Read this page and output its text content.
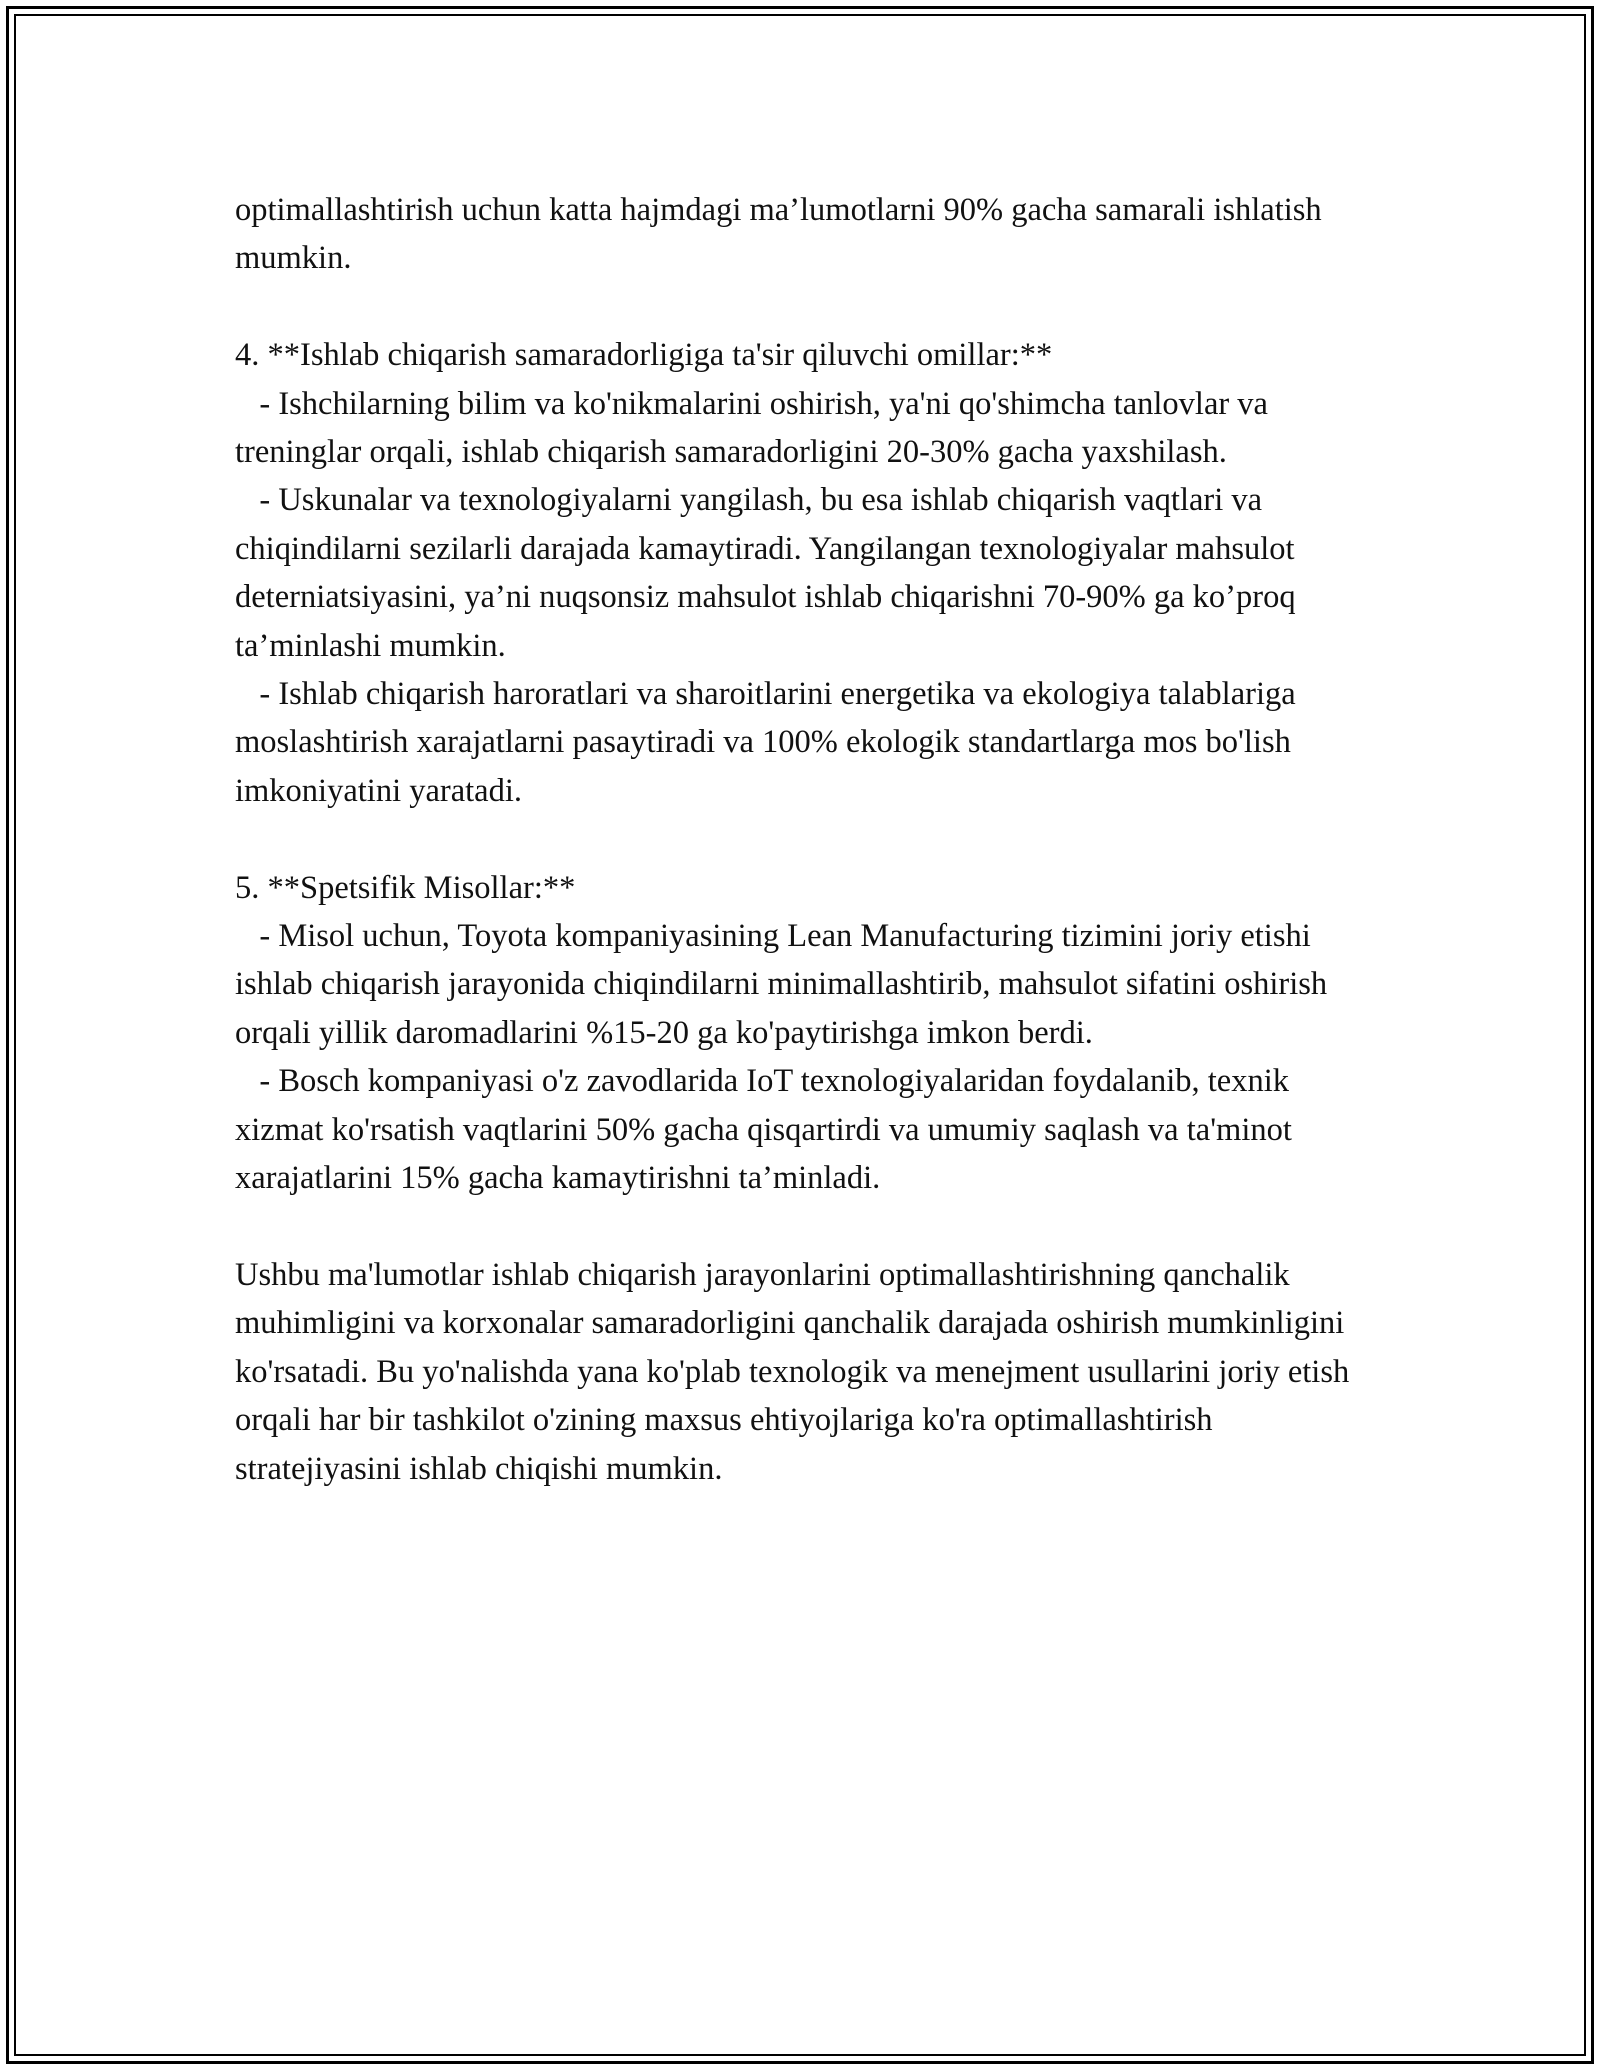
optimallashtirish uchun katta hajmdagi ma’lumotlarni 90% gacha samarali ishlatish mumkin.

4. **Ishlab chiqarish samaradorligiga ta'sir qiluvchi omillar:**

- Ishchilarning bilim va ko'nikmalarini oshirish, ya'ni qo'shimcha tanlovlar va treninglar orqali, ishlab chiqarish samaradorligini 20-30% gacha yaxshilash.

- Uskunalar va texnologiyalarni yangilash, bu esa ishlab chiqarish vaqtlari va chiqindilarni sezilarli darajada kamaytiradi. Yangilangan texnologiyalar mahsulot deterniatsiyasini, ya’ni nuqsonsiz mahsulot ishlab chiqarishni 70-90% ga ko’proq ta’minlashi mumkin.

- Ishlab chiqarish haroratlari va sharoitlarini energetika va ekologiya talablariga moslashtirish xarajatlarni pasaytiradi va 100% ekologik standartlarga mos bo'lish imkoniyatini yaratadi.

5. **Spetsifik Misollar:**

- Misol uchun, Toyota kompaniyasining Lean Manufacturing tizimini joriy etishi ishlab chiqarish jarayonida chiqindilarni minimallashtirib, mahsulot sifatini oshirish orqali yillik daromadlarini %15-20 ga ko'paytirishga imkon berdi.

- Bosch kompaniyasi o'z zavodlarida IoT texnologiyalaridan foydalanib, texnik xizmat ko'rsatish vaqtlarini 50% gacha qisqartirdi va umumiy saqlash va ta'minot xarajatlarini 15% gacha kamaytirishni ta’minladi.

Ushbu ma'lumotlar ishlab chiqarish jarayonlarini optimallashtirishning qanchalik muhimligini va korxonalar samaradorligini qanchalik darajada oshirish mumkinligini ko'rsatadi. Bu yo'nalishda yana ko'plab texnologik va menejment usullarini joriy etish orqali har bir tashkilot o'zining maxsus ehtiyojlariga ko'ra optimallashtirish stratejiyasini ishlab chiqishi mumkin.
